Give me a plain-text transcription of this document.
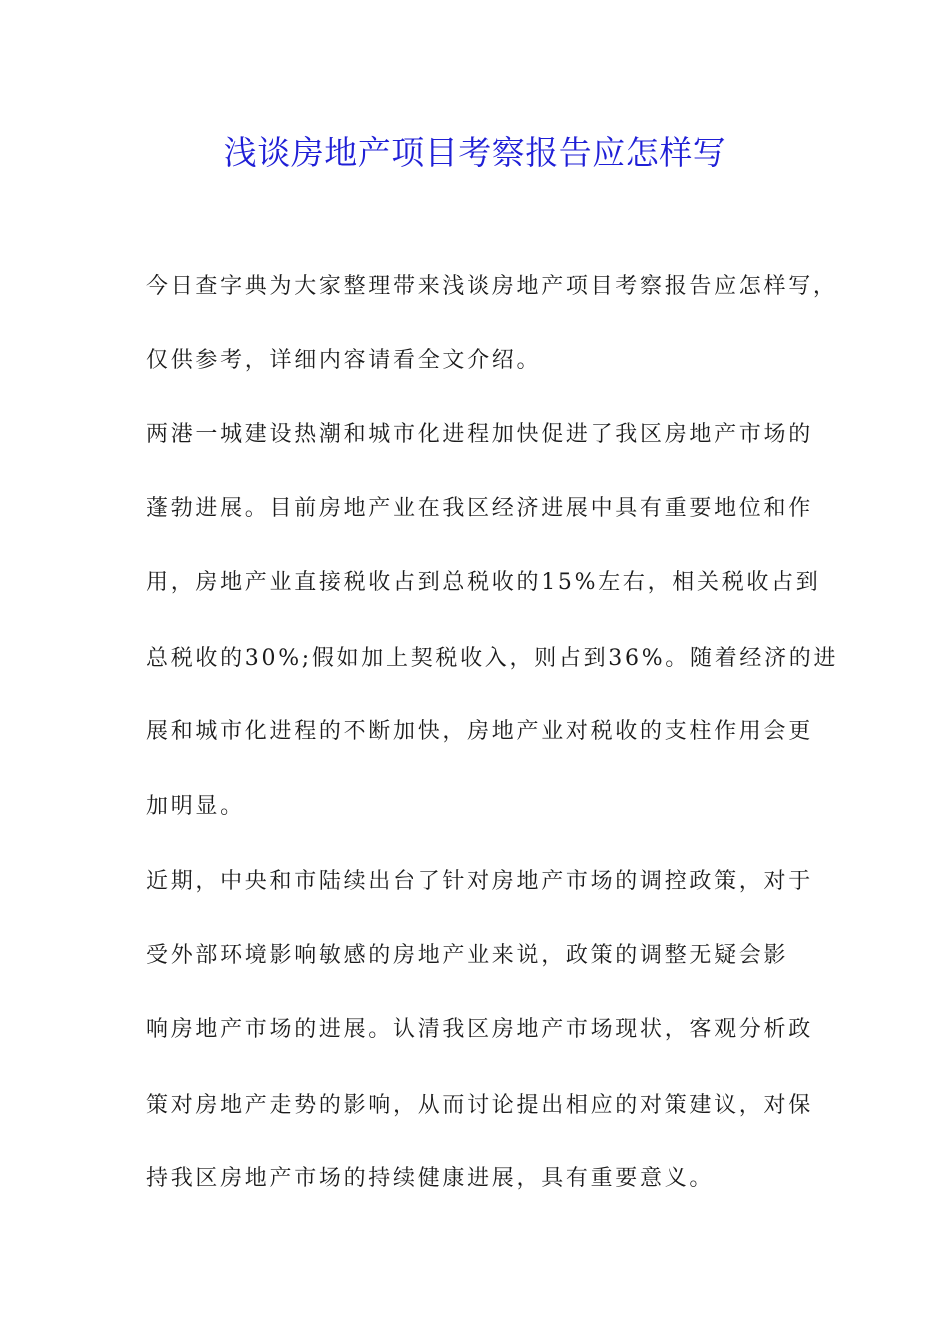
浅谈房地产项目考察报告应怎样写
今日查字典为大家整理带来浅谈房地产项目考察报告应怎样写，
仅供参考，详细内容请看全文介绍。
两港一城建设热潮和城市化进程加快促进了我区房地产市场的
蓬勃进展。目前房地产业在我区经济进展中具有重要地位和作
用，房地产业直接税收占到总税收的15%左右，相关税收占到
总税收的30%;假如加上契税收入，则占到36%。随着经济的进
展和城市化进程的不断加快，房地产业对税收的支柱作用会更
加明显。
近期，中央和市陆续出台了针对房地产市场的调控政策，对于
受外部环境影响敏感的房地产业来说，政策的调整无疑会影
响房地产市场的进展。认清我区房地产市场现状，客观分析政
策对房地产走势的影响，从而讨论提出相应的对策建议，对保
持我区房地产市场的持续健康进展，具有重要意义。
